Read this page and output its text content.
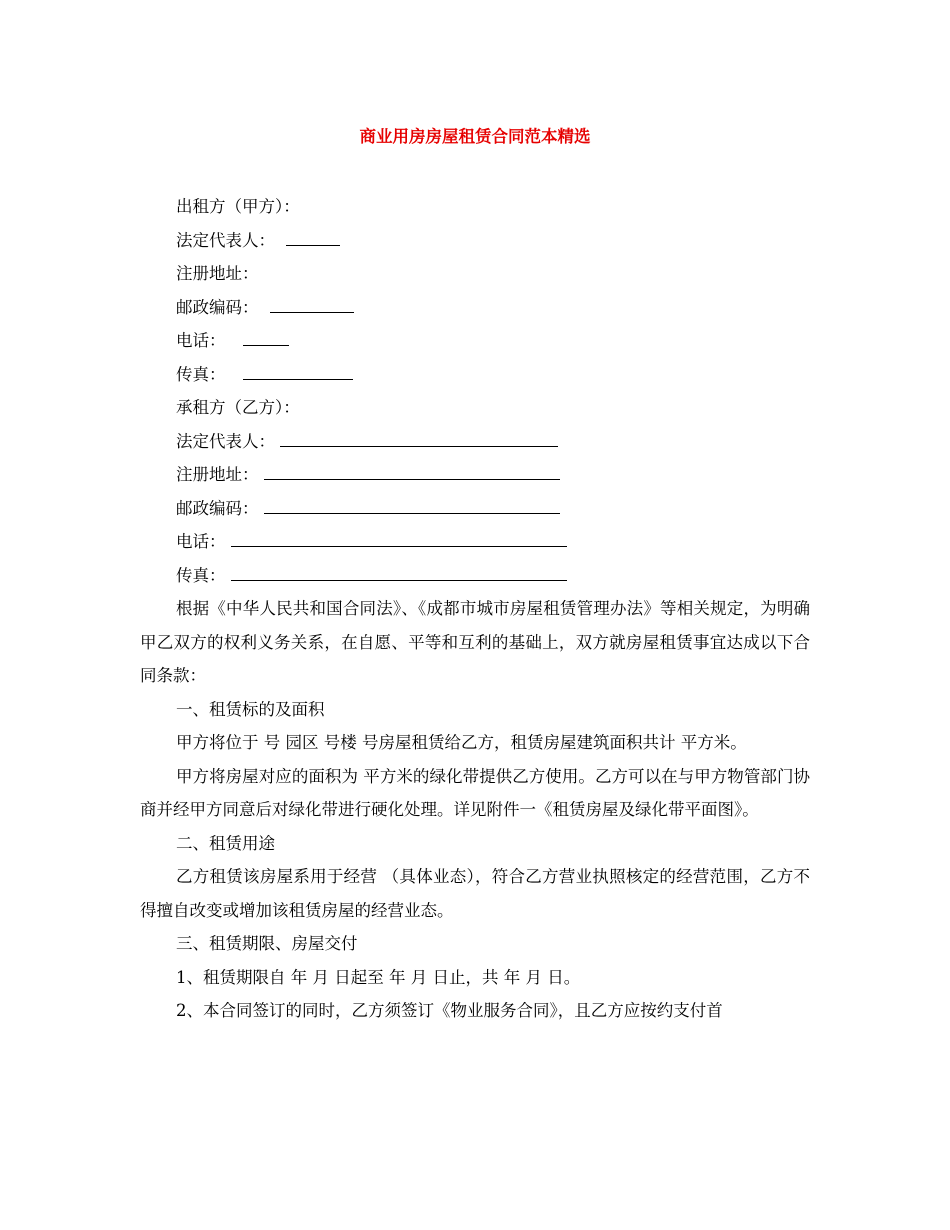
商业用房房屋租赁合同范本精选
出租方（甲方）：
法定代表人：
注册地址：
邮政编码：
电话：
传真：
承租方（乙方）：
法定代表人：
注册地址：
邮政编码：
电话：
传真：

根据《中华人民共和国合同法》、《成都市城市房屋租赁管理办法》等相关规定，为明确甲乙双方的权利义务关系，在自愿、平等和互利的基础上，双方就房屋租赁事宜达成以下合同条款：

一、租赁标的及面积

甲方将位于 号 园区 号楼 号房屋租赁给乙方，租赁房屋建筑面积共计 平方米。

甲方将房屋对应的面积为 平方米的绿化带提供乙方使用。乙方可以在与甲方物管部门协商并经甲方同意后对绿化带进行硬化处理。详见附件一《租赁房屋及绿化带平面图》。

二、租赁用途

乙方租赁该房屋系用于经营 （具体业态），符合乙方营业执照核定的经营范围，乙方不得擅自改变或增加该租赁房屋的经营业态。

三、租赁期限、房屋交付

1、租赁期限自 年 月 日起至 年 月 日止，共 年 月 日。

2、本合同签订的同时，乙方须签订《物业服务合同》，且乙方应按约支付首
